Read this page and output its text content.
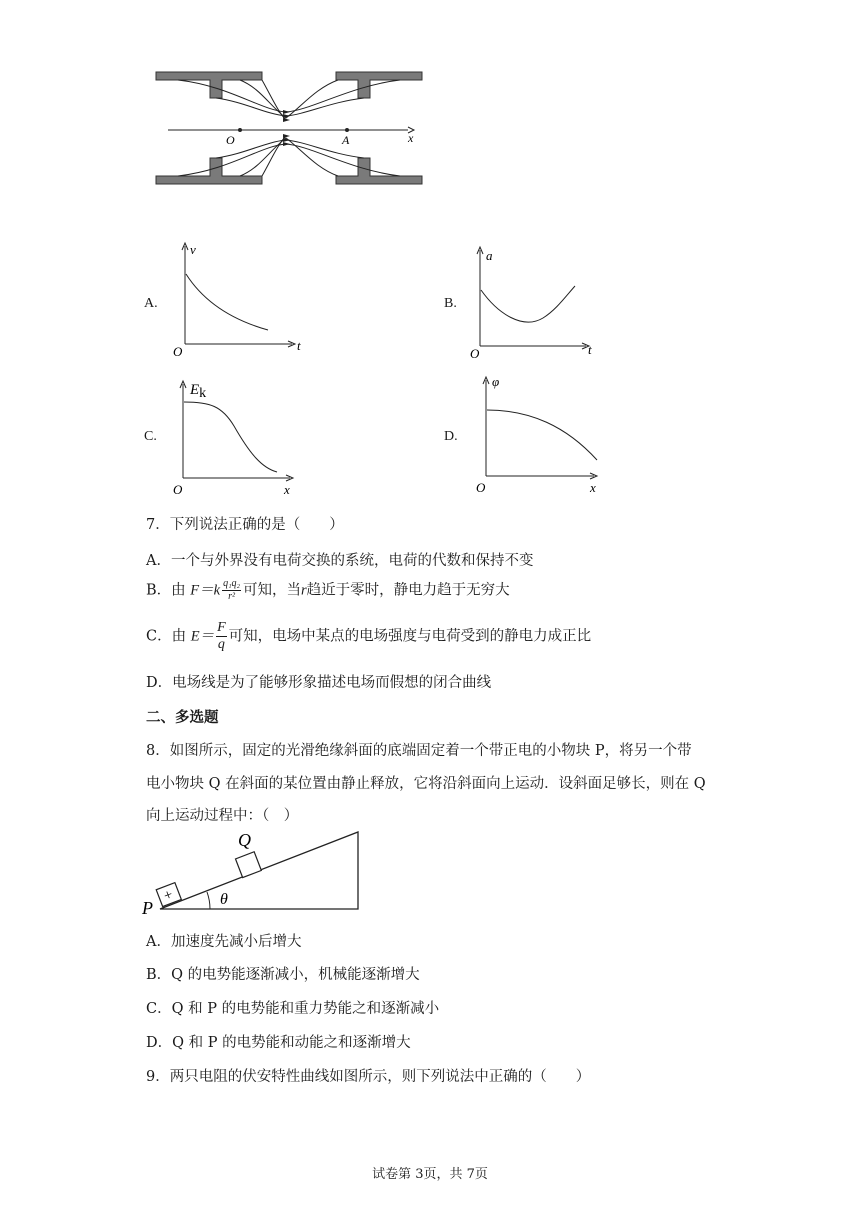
O	A	x
A.
v
t
O
B.
a
t
O
C.
Ek
x
O
D.
φ
x
O
7．下列说法正确的是（　　）
A．一个与外界没有电荷交换的系统，电荷的代数和保持不变
B．由 $F=k \frac{\text{q₁q₂}}{\text{r²}}$ 可知，当r趋近于零时，静电力趋于无穷大
C．由 $E= \frac{F}{q}$ 可知，电场中某点的电场强度与电荷受到的静电力成正比
D．电场线是为了能够形象描述电场而假想的闭合曲线
二、多选题
8．如图所示，固定的光滑绝缘斜面的底端固定着一个带正电的小物块 P，将另一个带
电小物块 Q 在斜面的某位置由静止释放，它将沿斜面向上运动．设斜面足够长，则在 Q
向上运动过程中：（　）
+
Q
P	θ
A．加速度先减小后增大
B．Q 的电势能逐渐减小，机械能逐渐增大
C．Q 和 P 的电势能和重力势能之和逐渐减小
D．Q 和 P 的电势能和动能之和逐渐增大
9．两只电阻的伏安特性曲线如图所示，则下列说法中正确的（　　）
试卷第 3页，共 7页
